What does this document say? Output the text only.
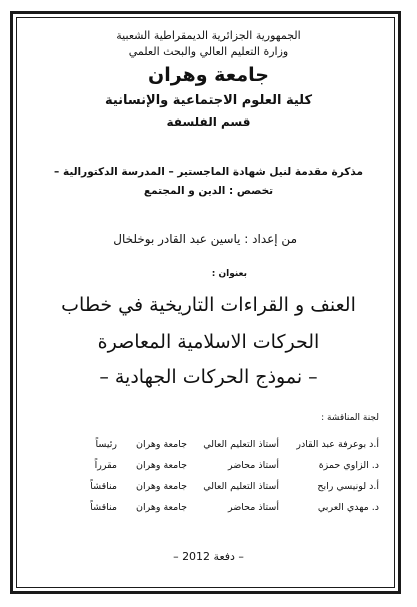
الجمهورية الجزائرية الديمقراطية الشعبية
وزارة التعليم العالي والبحث العلمي
جامعة وهران
كلية العلوم الاجتماعية والإنسانية
قسم الفلسفة
مذكرة مقدمة لنيل شهادة الماجستير – المدرسة الدكتورالية –
تخصص : الدين و المجتمع
من إعداد : ياسين عبد القادر بوخلخال
بعنوان :
العنف و القراءات التاريخية في خطاب
الحركات الاسلامية المعاصرة
– نموذج الحركات الجهادية –
لجنة المناقشة :
أ.د بوعرفة عبد القادر
أستاذ التعليم العالي
جامعة وهران
رئيساً
د. الزاوي حمزة
أستاذ محاضر
جامعة وهران
مقرراً
أ.د لونيسي رابح
أستاذ التعليم العالي
جامعة وهران
مناقشاً
د. مهدي العربي
أستاذ محاضر
جامعة وهران
مناقشاً
– دفعة 2012 –
